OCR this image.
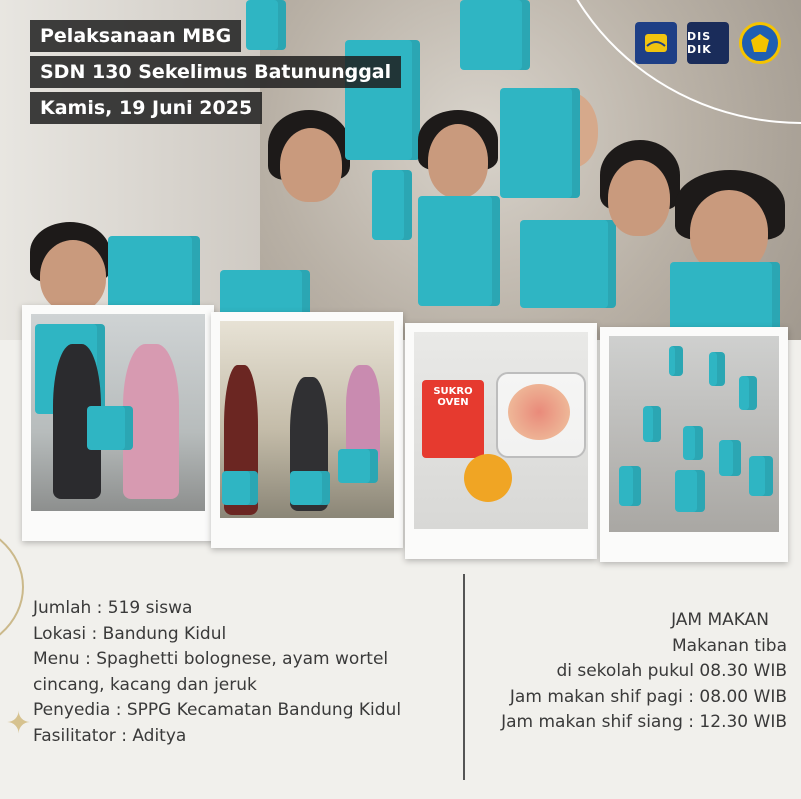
Pelaksanaan MBG
SDN 130 Sekelimus Batununggal
Kamis, 19 Juni 2025
DIS DIK
SUKRO OVEN
✦

Jumlah : 519 siswa

Lokasi : Bandung Kidul

Menu : Spaghetti bolognese, ayam wortel cincang, kacang dan jeruk

Penyedia : SPPG Kecamatan Bandung Kidul

Fasilitator : Aditya

JAM MAKAN

Makanan tiba

di sekolah pukul 08.30 WIB

Jam makan shif pagi : 08.00 WIB

Jam makan shif siang : 12.30 WIB
